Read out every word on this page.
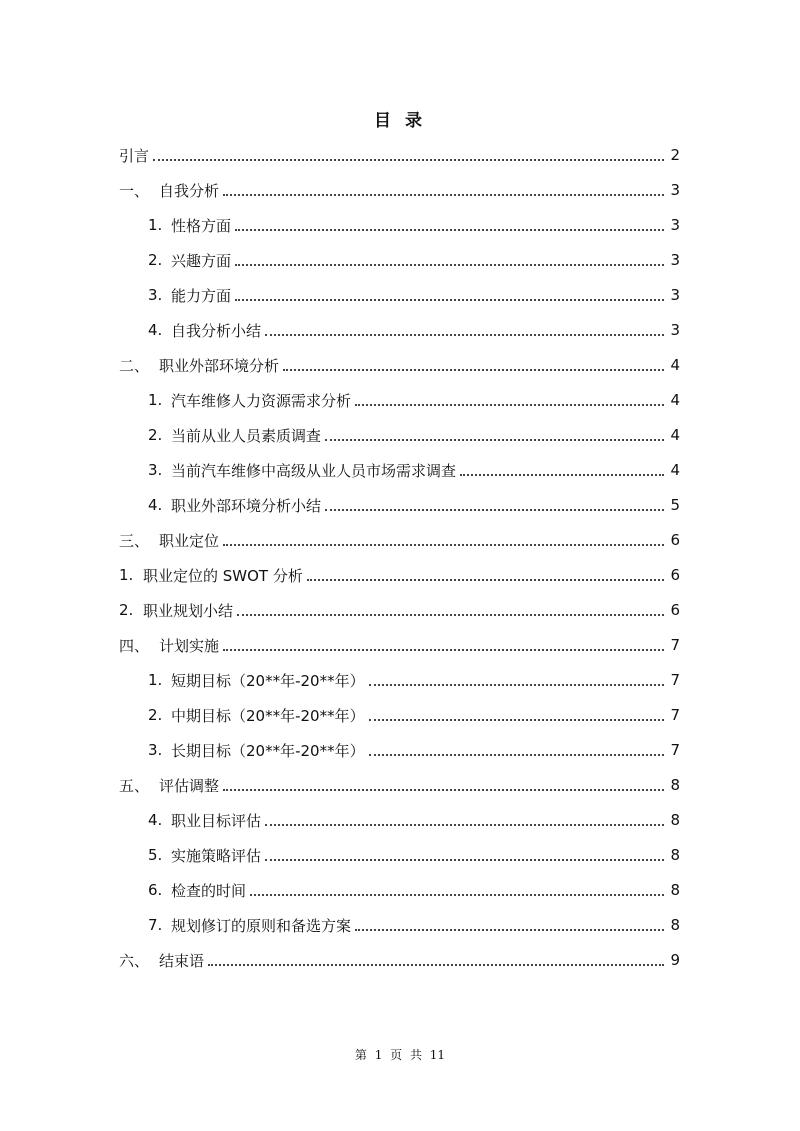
目 录
引言	2
一、 自我分析	3
1. 性格方面	3
2. 兴趣方面	3
3. 能力方面	3
4. 自我分析小结	3
二、 职业外部环境分析	4
1. 汽车维修人力资源需求分析	4
2. 当前从业人员素质调查	4
3. 当前汽车维修中高级从业人员市场需求调查	4
4. 职业外部环境分析小结	5
三、 职业定位	6
1. 职业定位的 SWOT 分析	6
2. 职业规划小结	6
四、 计划实施	7
1. 短期目标（20**年-20**年）	7
2. 中期目标（20**年-20**年）	7
3. 长期目标（20**年-20**年）	7
五、 评估调整	8
4. 职业目标评估	8
5. 实施策略评估	8
6. 检查的时间	8
7. 规划修订的原则和备选方案	8
六、 结束语	9
第 1 页 共 11
